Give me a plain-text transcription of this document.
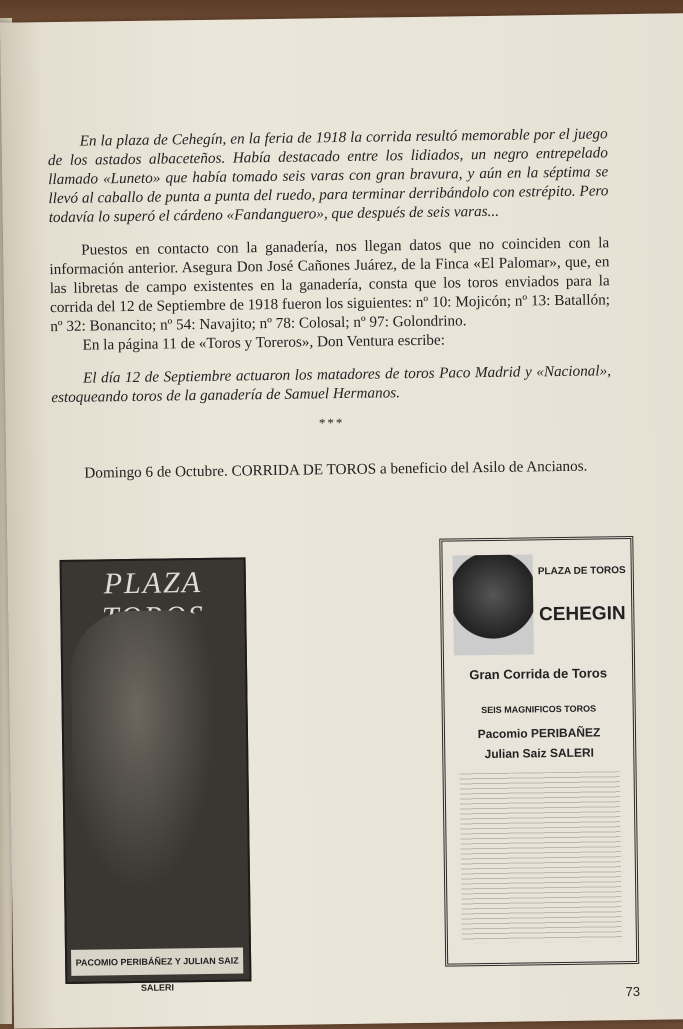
En la plaza de Cehegín, en la feria de 1918 la corrida resultó memorable por el juego de los astados albaceteños. Había destacado entre los lidiados, un negro entrepelado llamado «Luneto» que había tomado seis varas con gran bravura, y aún en la séptima se llevó al caballo de punta a punta del ruedo, para terminar derribándolo con estrépito. Pero todavía lo superó el cárdeno «Fandanguero», que después de seis varas...

Puestos en contacto con la ganadería, nos llegan datos que no coinciden con la información anterior. Asegura Don José Cañones Juárez, de la Finca «El Palomar», que, en las libretas de campo existentes en la ganadería, consta que los toros enviados para la corrida del 12 de Septiembre de 1918 fueron los siguientes: nº 10: Mojicón; nº 13: Batallón; nº 32: Bonancito; nº 54: Navajito; nº 78: Colosal; nº 97: Golondrino.

En la página 11 de «Toros y Toreros», Don Ventura escribe:

El día 12 de Septiembre actuaron los matadores de toros Paco Madrid y «Nacional», estoqueando toros de la ganadería de Samuel Hermanos.

***

Domingo 6 de Octubre. CORRIDA DE TOROS a beneficio del Asilo de Ancianos.

PLAZA
PACOMIO PERIBÁÑEZ Y JULIAN SAIZ SALERI
PLAZA DE TOROS
CEHEGIN
Gran Corrida de Toros
SEIS MAGNIFICOS TOROS
Pacomio PERIBAÑEZ
Julian Saiz SALERI
73
